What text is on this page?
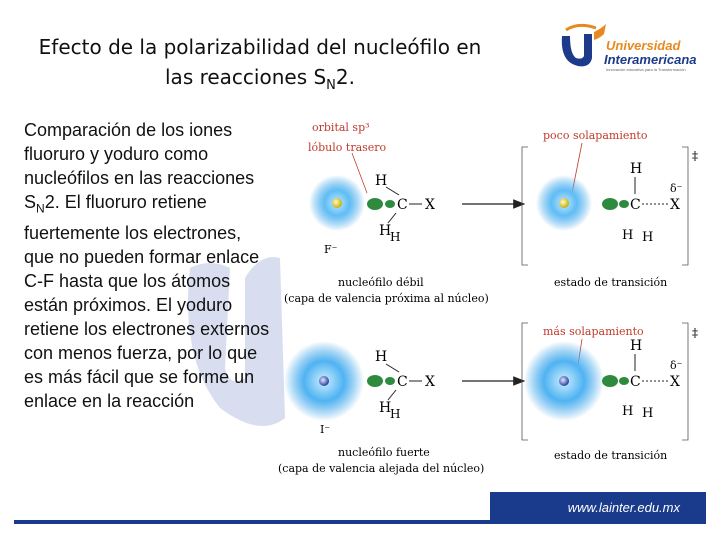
Efecto de la polarizabilidad del nucleófilo en
las reacciones $S_N2$.
Universidad
Interamericana
Innovación educativa para la Transformación
Comparación de los iones fluoruro y yoduro como nucleófilos en las reacciones $S_N2$. El fluoruro retiene fuertemente los electrones, que no pueden formar enlace C-F hasta que los átomos están próximos. El yoduro retiene los electrones externos con menos fuerza, por lo que es más fácil que se forme un enlace en la reacción
orbital sp³
lóbulo trasero
F⁻
C X
H
H
H
nucleófilo débil
(capa de valencia próxima al núcleo)
‡
poco solapamiento
C X
δ⁻
H
H H
estado de transición
I⁻
C X
H
H
H
nucleófilo fuerte
(capa de valencia alejada del núcleo)
‡
más solapamiento
C X
δ⁻
H
H H
estado de transición
www.lainter.edu.mx
